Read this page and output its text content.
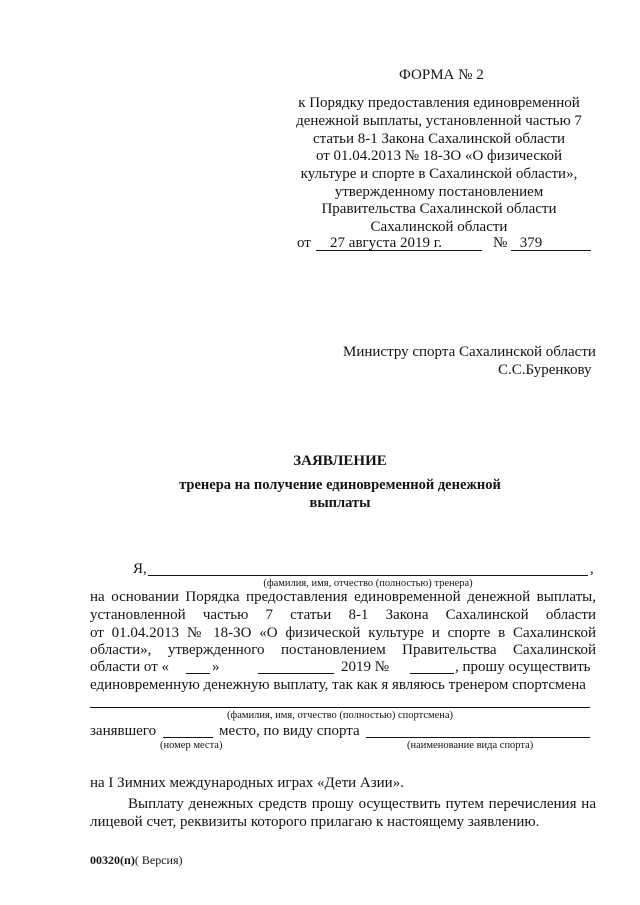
ФОРМА № 2
к Порядку предоставления единовременной
денежной выплаты, установленной частью 7
статьи 8-1 Закона Сахалинской области
от 01.04.2013 № 18-ЗО «О физической
культуре и спорте в Сахалинской области»,
утвержденному постановлением
Правительства Сахалинской области
Сахалинской области
от	27 августа 2019 г.	№ 379
Министру спорта Сахалинской области
С.С.Буренкову
ЗАЯВЛЕНИЕ
тренера на получение единовременной денежной
выплаты
Я,	,
(фамилия, имя, отчество (полностью) тренера)
на основании Порядка предоставления единовременной денежной выплаты,
установленной частью 7 статьи 8-1 Закона Сахалинской области
от 01.04.2013 № 18-ЗО «О физической культуре и спорте в Сахалинской
области», утвержденного постановлением Правительства Сахалинской
области от «	»	2019 №	, прошу осуществить
единовременную денежную выплату, так как я являюсь тренером спортсмена
(фамилия, имя, отчество (полностью) спортсмена)
занявшего	место, по виду спорта
(номер места)	(наименование вида спорта)
на I Зимних международных играх «Дети Азии».
Выплату денежных средств прошу осуществить путем перечисления на
лицевой счет, реквизиты которого прилагаю к настоящему заявлению.
00320(п)( Версия)
